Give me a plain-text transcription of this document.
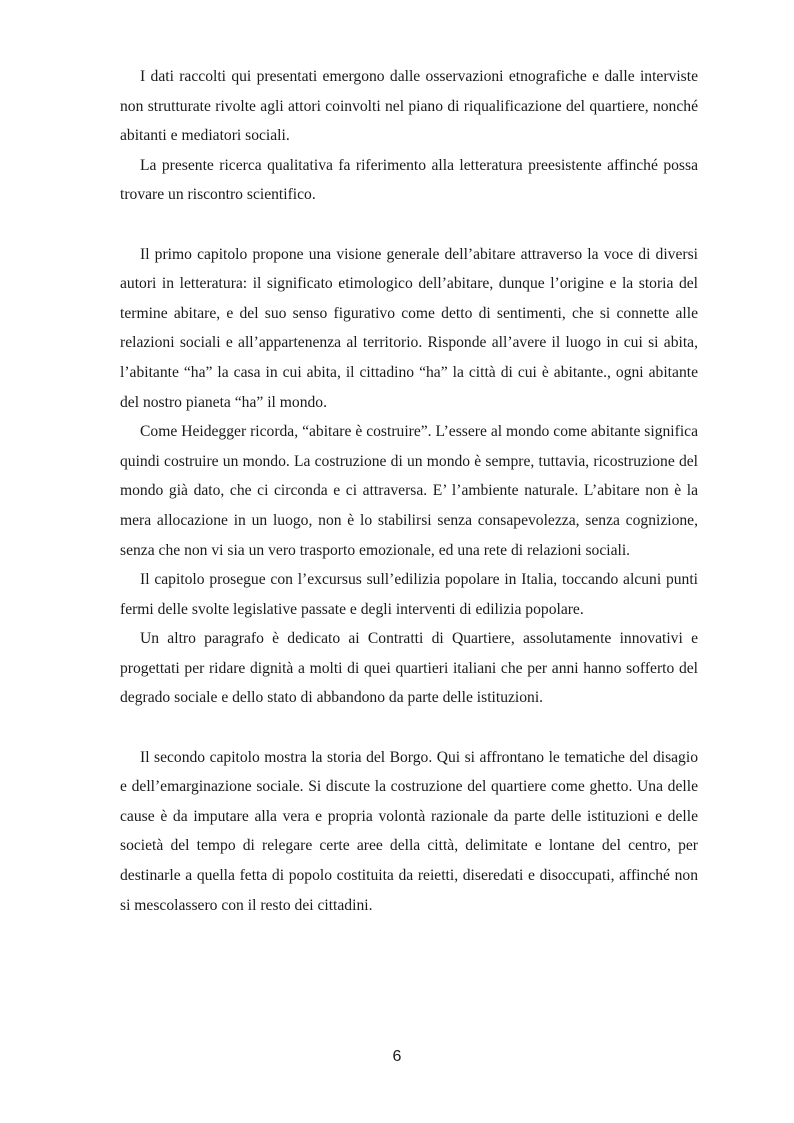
I dati raccolti qui presentati emergono dalle osservazioni etnografiche e dalle interviste non strutturate rivolte agli attori coinvolti nel piano di riqualificazione del quartiere, nonché abitanti e mediatori sociali.

La presente ricerca qualitativa fa riferimento alla letteratura preesistente affinché possa trovare un riscontro scientifico.

Il primo capitolo propone una visione generale dell’abitare attraverso la voce di diversi autori in letteratura: il significato etimologico dell’abitare, dunque l’origine e la storia del termine abitare, e del suo senso figurativo come detto di sentimenti, che si connette alle relazioni sociali e all’appartenenza al territorio. Risponde all’avere il luogo in cui si abita, l’abitante “ha” la casa in cui abita, il cittadino “ha” la città di cui è abitante., ogni abitante del nostro pianeta “ha” il mondo.

Come Heidegger ricorda, “abitare è costruire”. L’essere al mondo come abitante significa quindi costruire un mondo. La costruzione di un mondo è sempre, tuttavia, ricostruzione del mondo già dato, che ci circonda e ci attraversa. E’ l’ambiente naturale. L’abitare non è la mera allocazione in un luogo, non è lo stabilirsi senza consapevolezza, senza cognizione, senza che non vi sia un vero trasporto emozionale, ed una rete di relazioni sociali.

Il capitolo prosegue con l’excursus sull’edilizia popolare in Italia, toccando alcuni punti fermi delle svolte legislative passate e degli interventi di edilizia popolare.

Un altro paragrafo è dedicato ai Contratti di Quartiere, assolutamente innovativi e progettati per ridare dignità a molti di quei quartieri italiani che per anni hanno sofferto del degrado sociale e dello stato di abbandono da parte delle istituzioni.

Il secondo capitolo mostra la storia del Borgo. Qui si affrontano le tematiche del disagio e dell’emarginazione sociale. Si discute la costruzione del quartiere come ghetto. Una delle cause è da imputare alla vera e propria volontà razionale da parte delle istituzioni e delle società del tempo di relegare certe aree della città, delimitate e lontane del centro, per destinarle a quella fetta di popolo costituita da reietti, diseredati e disoccupati, affinché non si mescolassero con il resto dei cittadini.

6
